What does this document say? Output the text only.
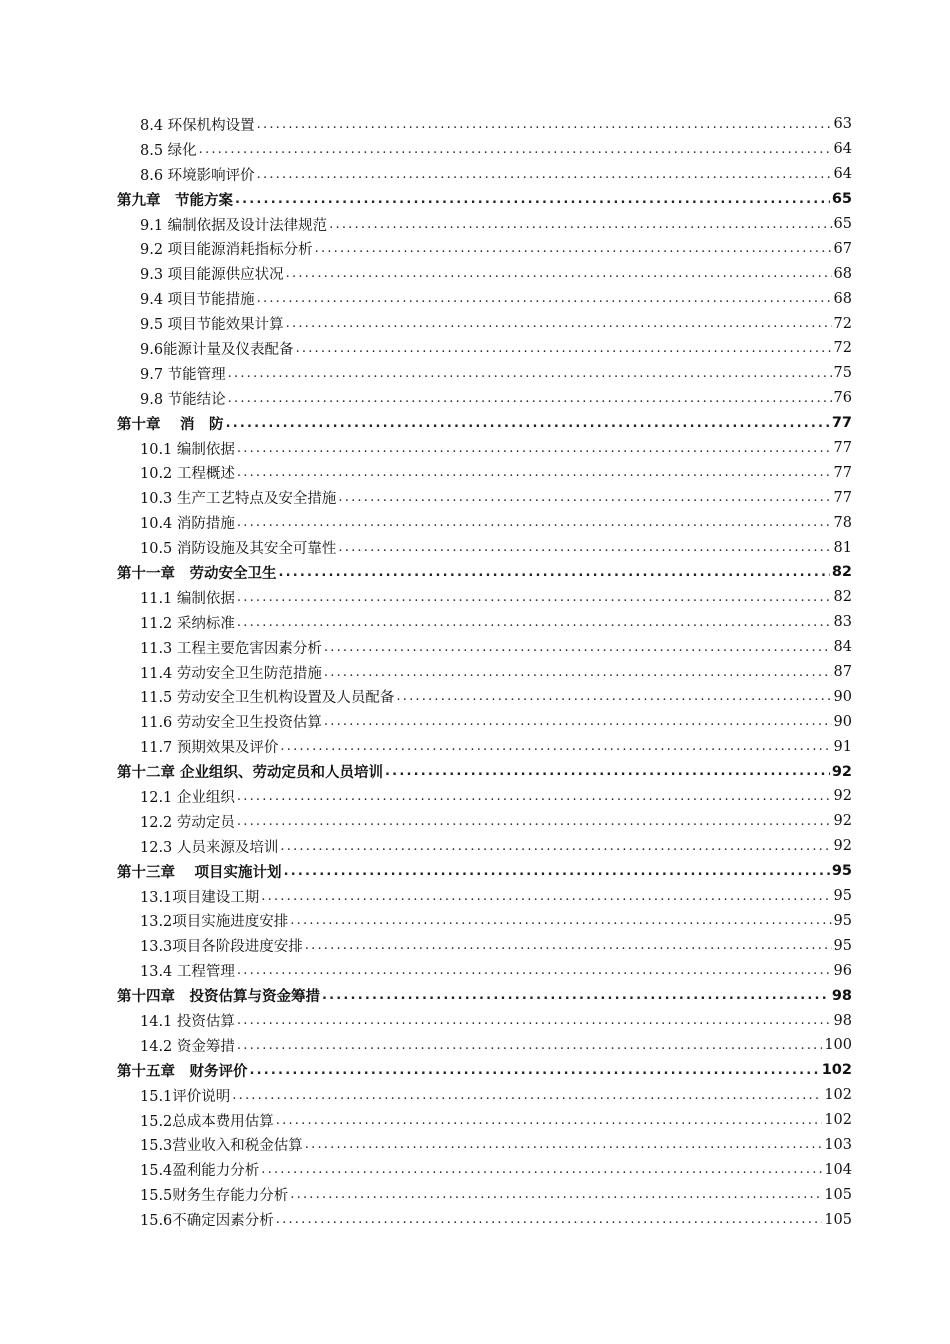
8.4 环保机构设置 .....	63
8.5 绿化 .....	64
8.6 环境影响评价 .....	64
第九章　节能方案 .....	65
9.1 编制依据及设计法律规范 .....	65
9.2 项目能源消耗指标分析 .....	67
9.3 项目能源供应状况 .....	68
9.4 项目节能措施 .....	68
9.5 项目节能效果计算 .....	72
9.6能源计量及仪表配备 .....	72
9.7 节能管理 .....	75
9.8 节能结论 .....	76
第十章　 消　防 .....	77
10.1 编制依据 .....	77
10.2 工程概述 .....	77
10.3 生产工艺特点及安全措施 .....	77
10.4 消防措施 .....	78
10.5 消防设施及其安全可靠性 .....	81
第十一章　劳动安全卫生 .....	82
11.1 编制依据 .....	82
11.2 采纳标准 .....	83
11.3 工程主要危害因素分析 .....	84
11.4 劳动安全卫生防范措施 .....	87
11.5 劳动安全卫生机构设置及人员配备 .....	90
11.6 劳动安全卫生投资估算 .....	90
11.7 预期效果及评价 .....	91
第十二章 企业组织、劳动定员和人员培训 .....	92
12.1 企业组织 .....	92
12.2 劳动定员 .....	92
12.3 人员来源及培训 .....	92
第十三章　 项目实施计划 .....	95
13.1项目建设工期 .....	95
13.2项目实施进度安排 .....	95
13.3项目各阶段进度安排 .....	95
13.4 工程管理 .....	96
第十四章　投资估算与资金筹措 .....	98
14.1 投资估算 .....	98
14.2 资金筹措 .....	100
第十五章　财务评价 .....	102
15.1评价说明 .....	102
15.2总成本费用估算 .....	102
15.3营业收入和税金估算 .....	103
15.4盈利能力分析 .....	104
15.5财务生存能力分析 .....	105
15.6不确定因素分析 .....	105
